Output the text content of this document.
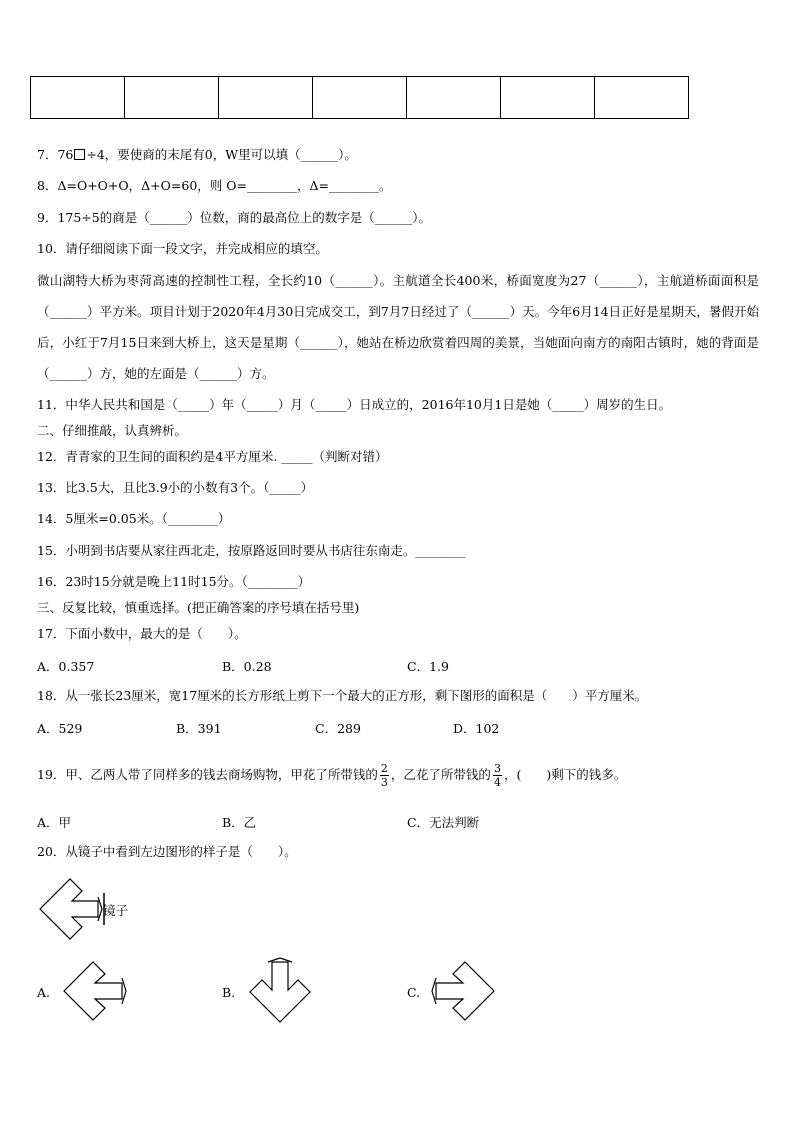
7．76 ÷4，要使商的末尾有0，W里可以填（______）。
8．Δ=O+O+O，Δ+O=60，则 O=________，Δ=________。
9．175÷5的商是（______）位数，商的最高位上的数字是（______）。
10．请仔细阅读下面一段文字，并完成相应的填空。
微山湖特大桥为枣菏高速的控制性工程，全长约10（______）。主航道全长400米，桥面宽度为27（______），主航道桥面面积是（______）平方米。项目计划于2020年4月30日完成交工，到7月7日经过了（______）天。今年6月14日正好是星期天，暑假开始后，小红于7月15日来到大桥上，这天是星期（______），她站在桥边欣赏着四周的美景，当她面向南方的南阳古镇时，她的背面是（______）方，她的左面是（______）方。
11．中华人民共和国是（_____）年（_____）月（_____）日成立的，2016年10月1日是她（_____）周岁的生日。
二、仔细推敲，认真辨析。
12．青青家的卫生间的面积约是4平方厘米. _____（判断对错）
13．比3.5大，且比3.9小的小数有3个。（_____）
14．5厘米=0.05米。（________）
15．小明到书店要从家往西北走，按原路返回时要从书店往东南走。________
16．23时15分就是晚上11时15分。（________）
三、反复比较，慎重选择。(把正确答案的序号填在括号里)
17．下面小数中，最大的是（　　）。
A．0.357	B．0.28	C．1.9
18．从一张长23厘米，宽17厘米的长方形纸上剪下一个最大的正方形，剩下图形的面积是（　　）平方厘米。
A．529	B．391	C．289	D．102
19．甲、乙两人带了同样多的钱去商场购物，甲花了所带钱的 $\frac{2}{3}$ ，乙花了所带钱的 $\frac{3}{4}$ ，(　　)剩下的钱多。
A．甲	B．乙	C．无法判断
20．从镜子中看到左边图形的样子是（　　）。
镜子
A.	B.	C.
